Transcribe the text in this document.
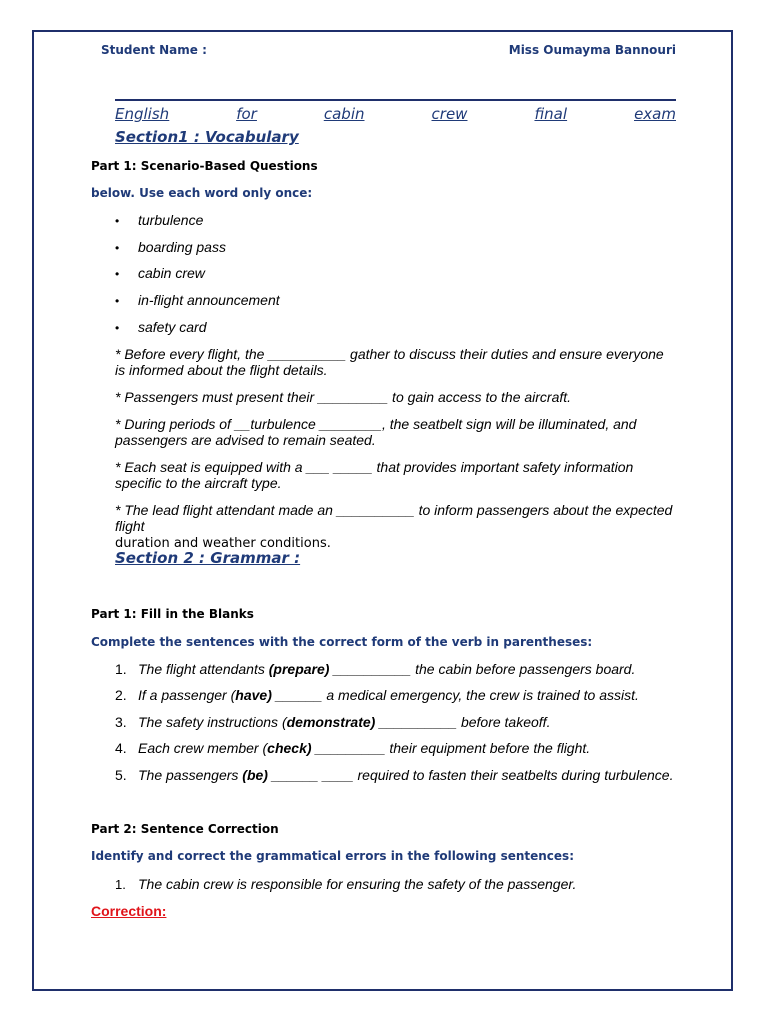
Student Name :	Miss Oumayma Bannouri
English	for	cabin	crew	final	exam
Section1 : Vocabulary
Part 1: Scenario-Based Questions
below. Use each word only once:
• turbulence
• boarding pass
• cabin crew
• in-flight announcement
• safety card
* Before every flight, the __________ gather to discuss their duties and ensure everyone is informed about the flight details.
* Passengers must present their _________ to gain access to the aircraft.
* During periods of __turbulence ________, the seatbelt sign will be illuminated, and passengers are advised to remain seated.
* Each seat is equipped with a ___ _____ that provides important safety information specific to the aircraft type.
* The lead flight attendant made an __________ to inform passengers about the expected flight
duration and weather conditions.
Section 2 : Grammar :
Part 1: Fill in the Blanks
Complete the sentences with the correct form of the verb in parentheses:
1. The flight attendants (prepare) __________ the cabin before passengers board.
2. If a passenger (have) ______ a medical emergency, the crew is trained to assist.
3. The safety instructions (demonstrate) __________ before takeoff.
4. Each crew member (check) _________ their equipment before the flight.
5. The passengers (be) ______ ____ required to fasten their seatbelts during turbulence.
Part 2: Sentence Correction
Identify and correct the grammatical errors in the following sentences:
1. The cabin crew is responsible for ensuring the safety of the passenger.
Correction:
